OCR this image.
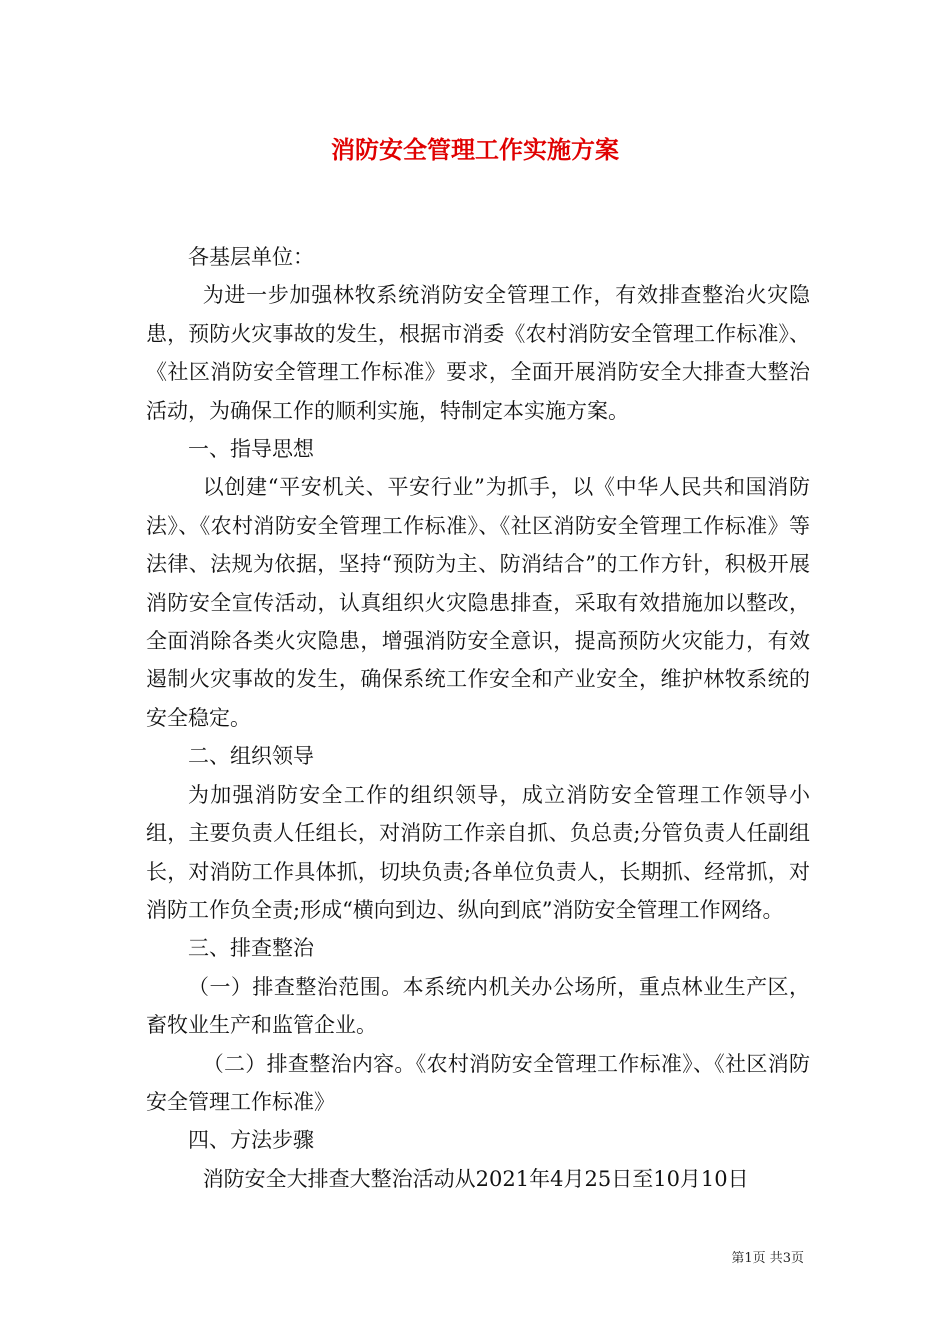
消防安全管理工作实施方案

各基层单位：

为进一步加强林牧系统消防安全管理工作，有效排查整治火灾隐患，预防火灾事故的发生，根据市消委《农村消防安全管理工作标准》、《社区消防安全管理工作标准》要求，全面开展消防安全大排查大整治活动，为确保工作的顺利实施，特制定本实施方案。

一、指导思想

以创建“平安机关、平安行业”为抓手，以《中华人民共和国消防法》、《农村消防安全管理工作标准》、《社区消防安全管理工作标准》等法律、法规为依据，坚持“预防为主、防消结合”的工作方针，积极开展消防安全宣传活动，认真组织火灾隐患排查，采取有效措施加以整改，全面消除各类火灾隐患，增强消防安全意识，提高预防火灾能力，有效遏制火灾事故的发生，确保系统工作安全和产业安全，维护林牧系统的安全稳定。

二、组织领导

为加强消防安全工作的组织领导，成立消防安全管理工作领导小组，主要负责人任组长，对消防工作亲自抓、负总责;分管负责人任副组长，对消防工作具体抓，切块负责;各单位负责人，长期抓、经常抓，对消防工作负全责;形成“横向到边、纵向到底”消防安全管理工作网络。

三、排查整治

（一）排查整治范围。本系统内机关办公场所，重点林业生产区，畜牧业生产和监管企业。

（二）排查整治内容。《农村消防安全管理工作标准》、《社区消防安全管理工作标准》

四、方法步骤

消防安全大排查大整治活动从2021年4月25日至10月10日

第1页 共3页
